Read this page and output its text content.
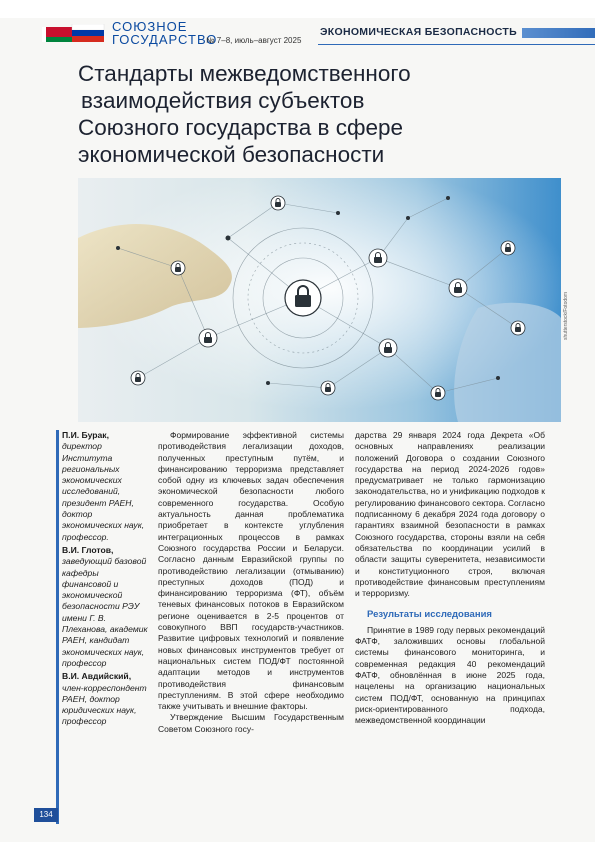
СОЮЗНОЕ
ГОСУДАРСТВО
№ 7–8, июль–август 2025
ЭКОНОМИЧЕСКАЯ БЕЗОПАСНОСТЬ
Стандарты межведомственного
взаимодействия субъектов
Союзного государства в сфере
экономической безопасности
shutterstock/Fotodom
П.И. Бурак,
директор Института региональных экономических исследований, президент РАЕН, доктор экономических наук, профессор.
В.И. Глотов,
заведующий базовой кафедры финансовой и экономической безопасности РЭУ имени Г. В. Плеханова, академик РАЕН, кандидат экономических наук, профессор
В.И. Авдийский,
член-корреспондент РАЕН, доктор юридических наук, профессор

Формирование эффективной системы противодействия легализации доходов, полученных преступным путём, и финансированию терроризма представляет собой одну из ключевых задач обеспечения экономической безопасности любого современного государства. Особую актуальность данная проблематика приобретает в контексте углубления интеграционных процессов в рамках Союзного государства России и Беларуси. Согласно данным Евразийской группы по противодействию легализации (отмыванию) преступных доходов (ПОД) и финансированию терроризма (ФТ), объём теневых финансовых потоков в Евразийском регионе оценивается в 2-5 процентов от совокупного ВВП государств-участников. Развитие цифровых технологий и появление новых финансовых инструментов требует от национальных систем ПОД/ФТ постоянной адаптации методов и инструментов противодействия финансовым преступлениям. В этой сфере необходимо также учитывать и внешние факторы.

Утверждение Высшим Государственным Советом Союзного госу-

дарства 29 января 2024 года Декрета «Об основных направлениях реализации положений Договора о создании Союзного государства на период 2024-2026 годов» предусматривает не только гармонизацию законодательства, но и унификацию подходов к регулированию финансового сектора. Согласно подписанному 6 декабря 2024 года договору о гарантиях взаимной безопасности в рамках Союзного государства, стороны взяли на себя обязательства по координации усилий в области защиты суверенитета, независимости и конституционного строя, включая противодействие финансовым преступлениям и терроризму.

Результаты исследования

Принятие в 1989 году первых рекомендаций ФАТФ, заложивших основы глобальной системы финансового мониторинга, и современная редакция 40 рекомендаций ФАТФ, обновлённая в июне 2025 года, нацелены на организацию национальных систем ПОД/ФТ, основанную на принципах риск-ориентированного подхода, межведомственной координации

134
